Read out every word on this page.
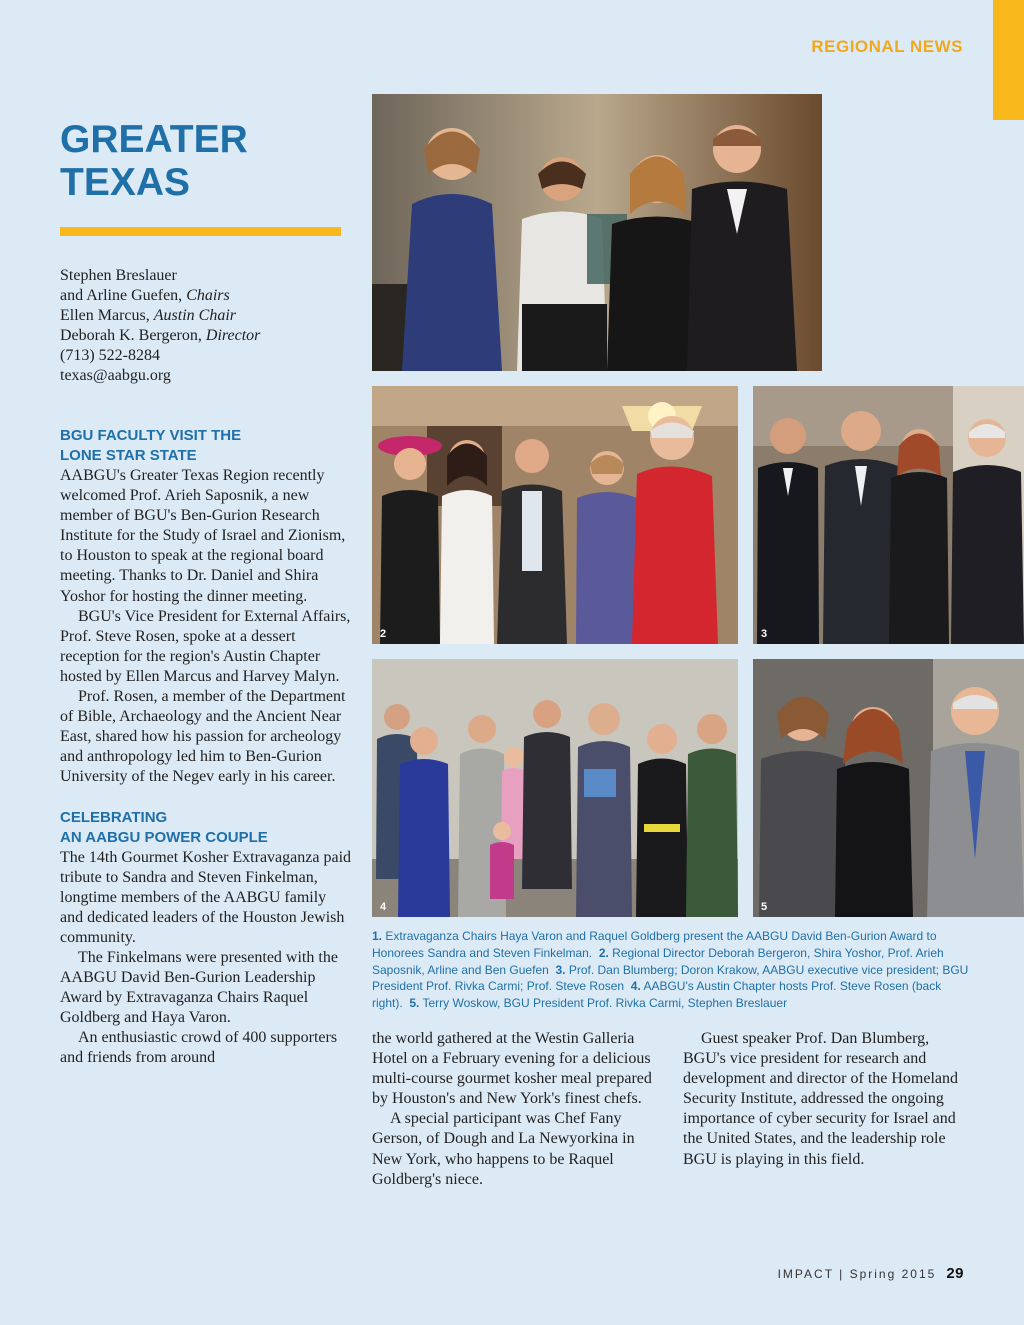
REGIONAL NEWS
GREATER
TEXAS
Stephen Breslauer
and Arline Guefen, Chairs
Ellen Marcus, Austin Chair
Deborah K. Bergeron, Director
(713) 522-8284
texas@aabgu.org
BGU FACULTY VISIT THE
LONE STAR STATE

AABGU's Greater Texas Region recently welcomed Prof. Arieh Saposnik, a new member of BGU's Ben-Gurion Research Institute for the Study of Israel and Zionism, to Houston to speak at the regional board meeting. Thanks to Dr. Daniel and Shira Yoshor for hosting the dinner meeting.

BGU's Vice President for External Affairs, Prof. Steve Rosen, spoke at a dessert reception for the region's Austin Chapter hosted by Ellen Marcus and Harvey Malyn.

Prof. Rosen, a member of the Department of Bible, Archaeology and the Ancient Near East, shared how his passion for archeology and anthropology led him to Ben-Gurion University of the Negev early in his career.

CELEBRATING
AN AABGU POWER COUPLE

The 14th Gourmet Kosher Extravaganza paid tribute to Sandra and Steven Finkelman, longtime members of the AABGU family and dedicated leaders of the Houston Jewish community.

The Finkelmans were presented with the AABGU David Ben-Gurion Leadership Award by Extravaganza Chairs Raquel Goldberg and Haya Varon.

An enthusiastic crowd of 400 supporters and friends from around

2	3
4	5
1. Extravaganza Chairs Haya Varon and Raquel Goldberg present the AABGU David Ben-Gurion Award to Honorees Sandra and Steven Finkelman. 2. Regional Director Deborah Bergeron, Shira Yoshor, Prof. Arieh Saposnik, Arline and Ben Guefen 3. Prof. Dan Blumberg; Doron Krakow, AABGU executive vice president; BGU President Prof. Rivka Carmi; Prof. Steve Rosen 4. AABGU's Austin Chapter hosts Prof. Steve Rosen (back right). 5. Terry Woskow, BGU President Prof. Rivka Carmi, Stephen Breslauer

the world gathered at the Westin Galleria Hotel on a February evening for a delicious multi-course gourmet kosher meal prepared by Houston's and New York's finest chefs.

A special participant was Chef Fany Gerson, of Dough and La Newyorkina in New York, who happens to be Raquel Goldberg's niece.

Guest speaker Prof. Dan Blumberg, BGU's vice president for research and development and director of the Homeland Security Institute, addressed the ongoing importance of cyber security for Israel and the United States, and the leadership role BGU is playing in this field.

IMPACT | Spring 2015 29
